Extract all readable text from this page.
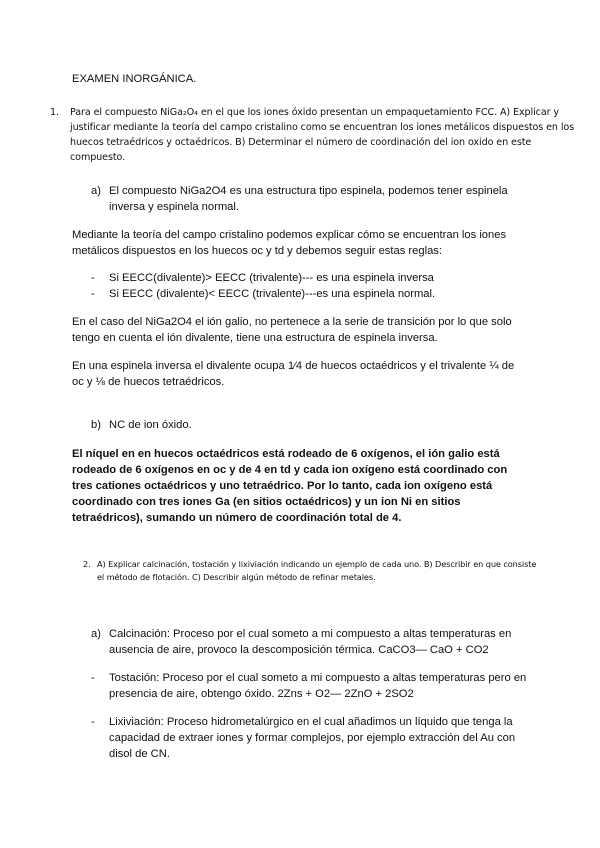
EXAMEN INORGÁNICA.
1. Para el compuesto NiGa₂O₄ en el que los iones óxido presentan un empaquetamiento FCC. A) Explicar y
justificar mediante la teoría del campo cristalino como se encuentran los iones metálicos dispuestos en los
huecos tetraédricos y octaédricos. B) Determinar el número de coordinación del ion oxido en este
compuesto.
a) El compuesto NiGa2O4 es una estructura tipo espinela, podemos tener espinela
inversa y espinela normal.
Mediante la teoría del campo cristalino podemos explicar cómo se encuentran los iones
metálicos dispuestos en los huecos oc y td y debemos seguir estas reglas:
- Si EECC(divalente)> EECC (trivalente)--- es una espinela inversa
- Si EECC (divalente)< EECC (trivalente)---es una espinela normal.
En el caso del NiGa2O4 el ión galio, no pertenece a la serie de transición por lo que solo
tengo en cuenta el ión divalente, tiene una estructura de espinela inversa.
En una espinela inversa el divalente ocupa 1⁄4 de huecos octaédricos y el trivalente ¼ de
oc y ⅛ de huecos tetraédricos.
b) NC de ion óxido.
El níquel en en huecos octaédricos está rodeado de 6 oxígenos, el ión galio está
rodeado de 6 oxígenos en oc y de 4 en td y cada ion oxígeno está coordinado con
tres cationes octaédricos y uno tetraédrico. Por lo tanto, cada ion oxígeno está
coordinado con tres iones Ga (en sitios octaédricos) y un ion Ni en sitios
tetraédricos), sumando un número de coordinación total de 4.
2. A) Explicar calcinación, tostación y lixiviación indicando un ejemplo de cada uno. B) Describir en que consiste
el método de flotación. C) Describir algún método de refinar metales.
a) Calcinación: Proceso por el cual someto a mi compuesto a altas temperaturas en
ausencia de aire, provoco la descomposición térmica. CaCO3— CaO + CO2
- Tostación: Proceso por el cual someto a mi compuesto a altas temperaturas pero en
presencia de aire, obtengo óxido. 2Zns + O2— 2ZnO + 2SO2
- Lixiviación: Proceso hidrometalúrgico en el cual añadimos un líquido que tenga la
capacidad de extraer iones y formar complejos, por ejemplo extracción del Au con
disol de CN.
